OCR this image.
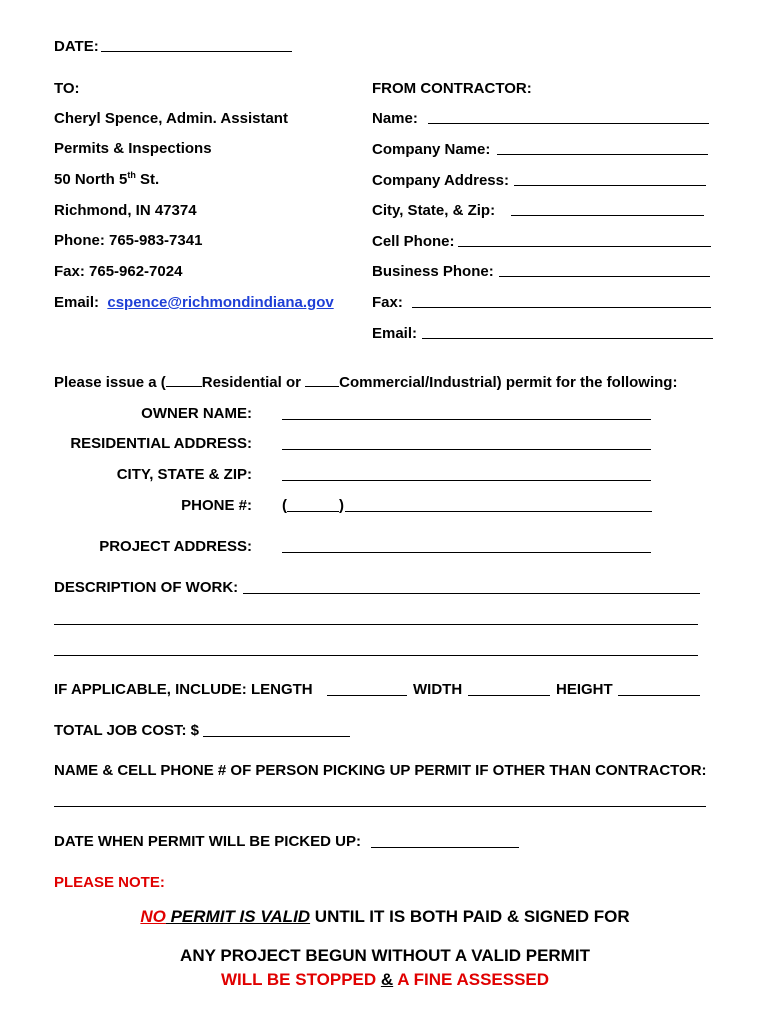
DATE:
TO:
Cheryl Spence, Admin. Assistant
Permits & Inspections
50 North 5th St.
Richmond, IN 47374
Phone: 765-983-7341
Fax: 765-962-7024
Email: cspence@richmondindiana.gov
FROM CONTRACTOR:
Name:
Company Name:
Company Address:
City, State, & Zip:
Cell Phone:
Business Phone:
Fax:
Email:
Please issue a ( Residential or Commercial/Industrial) permit for the following:
OWNER NAME:
RESIDENTIAL ADDRESS:
CITY, STATE & ZIP:
PHONE #: (	)
PROJECT ADDRESS:
DESCRIPTION OF WORK:
IF APPLICABLE, INCLUDE: LENGTH	WIDTH	HEIGHT
TOTAL JOB COST: $
NAME & CELL PHONE # OF PERSON PICKING UP PERMIT IF OTHER THAN CONTRACTOR:
DATE WHEN PERMIT WILL BE PICKED UP:
PLEASE NOTE:
NO PERMIT IS VALID UNTIL IT IS BOTH PAID & SIGNED FOR
ANY PROJECT BEGUN WITHOUT A VALID PERMIT
WILL BE STOPPED & A FINE ASSESSED
